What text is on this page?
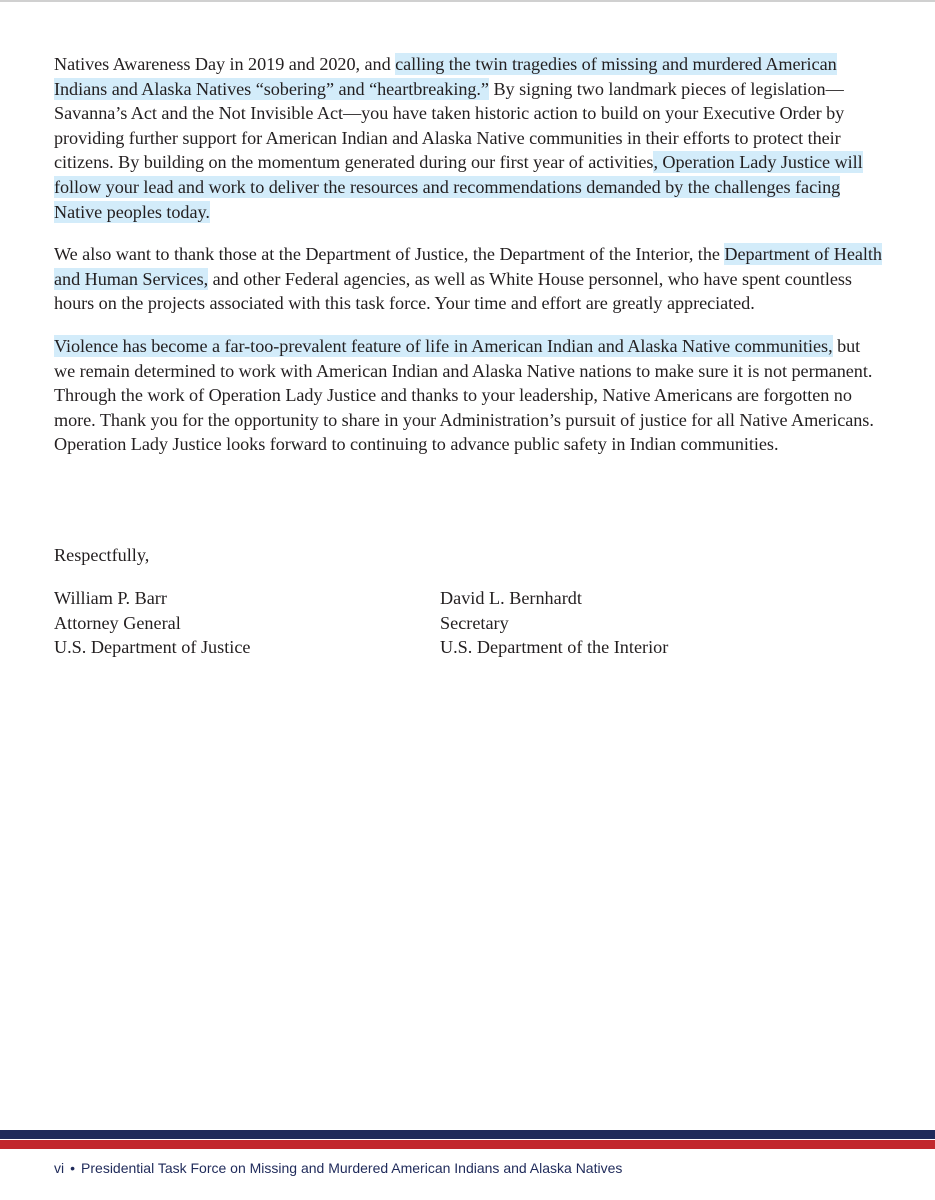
Natives Awareness Day in 2019 and 2020, and calling the twin tragedies of missing and murdered American Indians and Alaska Natives “sobering” and “heartbreaking.” By signing two landmark pieces of legislation—Savanna’s Act and the Not Invisible Act—you have taken historic action to build on your Executive Order by providing further support for American Indian and Alaska Native communities in their efforts to protect their citizens. By building on the momentum generated during our first year of activities, Operation Lady Justice will follow your lead and work to deliver the resources and recommendations demanded by the challenges facing Native peoples today.

We also want to thank those at the Department of Justice, the Department of the Interior, the Department of Health and Human Services, and other Federal agencies, as well as White House personnel, who have spent countless hours on the projects associated with this task force. Your time and effort are greatly appreciated.

Violence has become a far-too-prevalent feature of life in American Indian and Alaska Native communities, but we remain determined to work with American Indian and Alaska Native nations to make sure it is not permanent. Through the work of Operation Lady Justice and thanks to your leadership, Native Americans are forgotten no more. Thank you for the opportunity to share in your Administration’s pursuit of justice for all Native Americans. Operation Lady Justice looks forward to continuing to advance public safety in Indian communities.

Respectfully,
William P. Barr
Attorney General
U.S. Department of Justice
David L. Bernhardt
Secretary
U.S. Department of the Interior
vi • Presidential Task Force on Missing and Murdered American Indians and Alaska Natives
